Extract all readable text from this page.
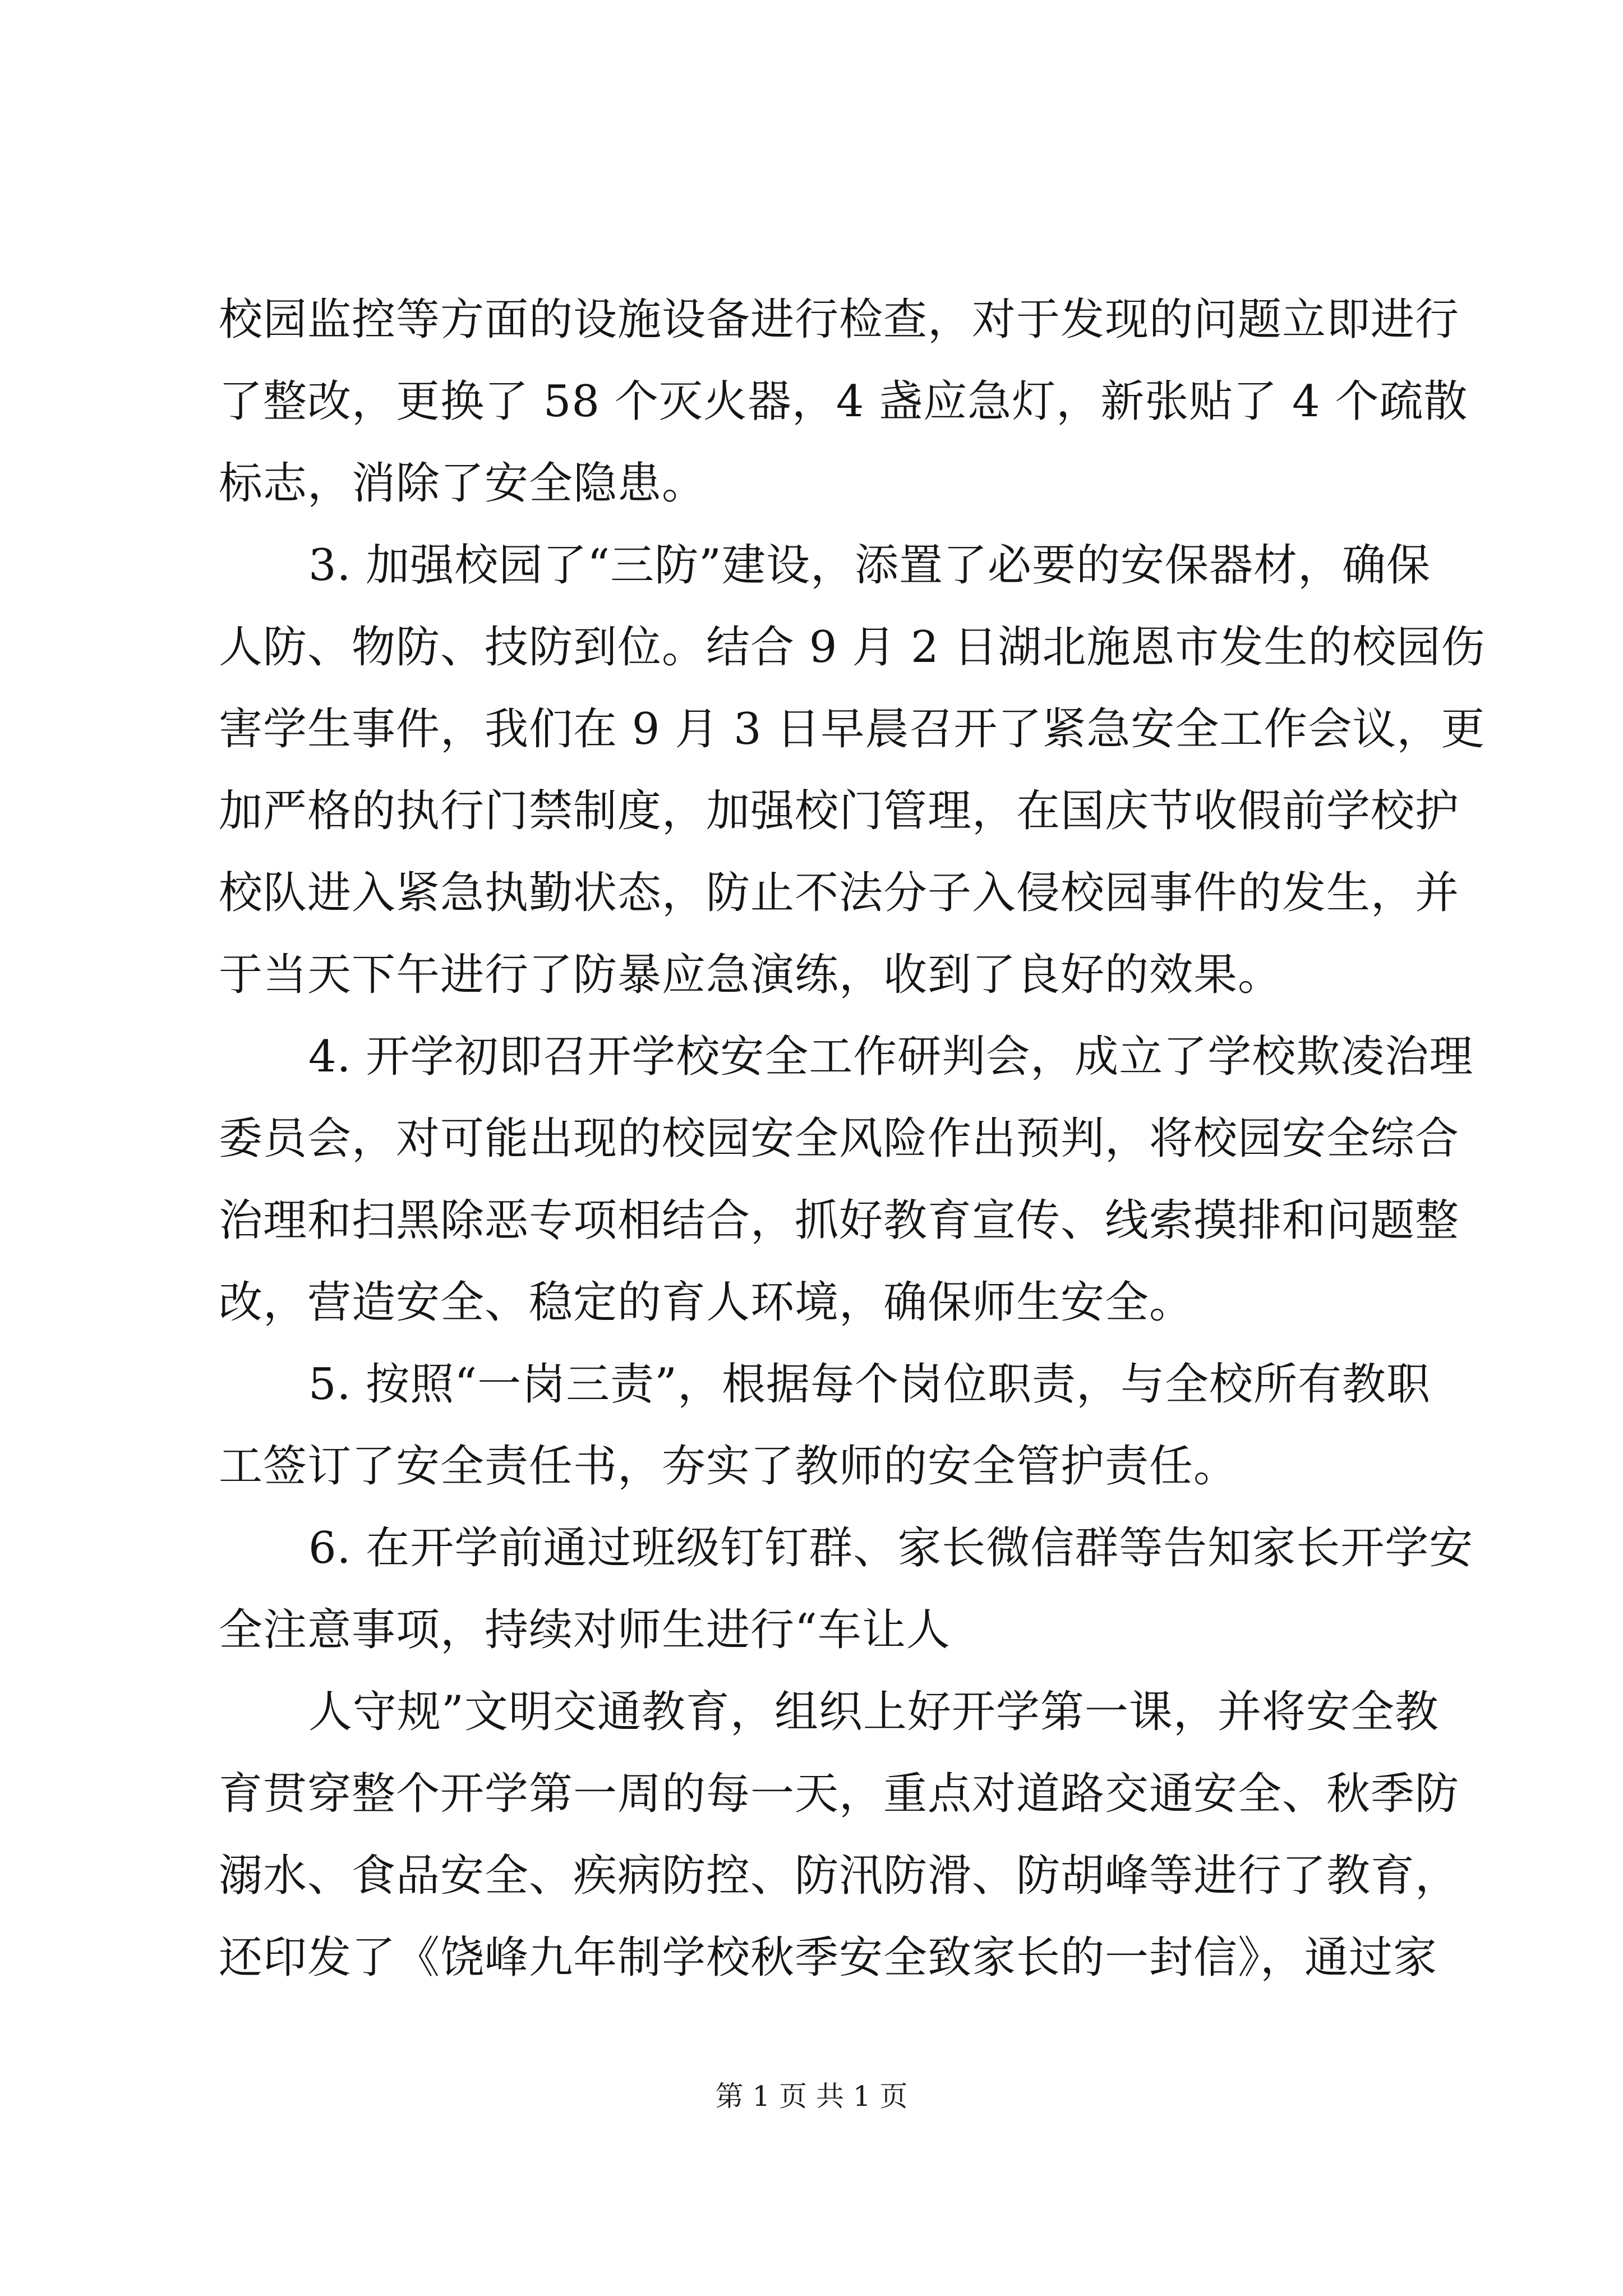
校园监控等方面的设施设备进行检查，对于发现的问题立即进行
了整改，更换了 58 个灭火器，4 盏应急灯，新张贴了 4 个疏散
标志，消除了安全隐患。
3. 加强校园了“三防”建设，添置了必要的安保器材，确保
人防、物防、技防到位。结合 9 月 2 日湖北施恩市发生的校园伤
害学生事件，我们在 9 月 3 日早晨召开了紧急安全工作会议，更
加严格的执行门禁制度，加强校门管理，在国庆节收假前学校护
校队进入紧急执勤状态，防止不法分子入侵校园事件的发生，并
于当天下午进行了防暴应急演练，收到了良好的效果。
4. 开学初即召开学校安全工作研判会，成立了学校欺凌治理
委员会，对可能出现的校园安全风险作出预判，将校园安全综合
治理和扫黑除恶专项相结合，抓好教育宣传、线索摸排和问题整
改，营造安全、稳定的育人环境，确保师生安全。
5. 按照“一岗三责”，根据每个岗位职责，与全校所有教职
工签订了安全责任书，夯实了教师的安全管护责任。
6. 在开学前通过班级钉钉群、家长微信群等告知家长开学安
全注意事项，持续对师生进行“车让人
人守规”文明交通教育，组织上好开学第一课，并将安全教
育贯穿整个开学第一周的每一天，重点对道路交通安全、秋季防
溺水、食品安全、疾病防控、防汛防滑、防胡峰等进行了教育，
还印发了《饶峰九年制学校秋季安全致家长的一封信》，通过家
第 1 页 共 1 页
